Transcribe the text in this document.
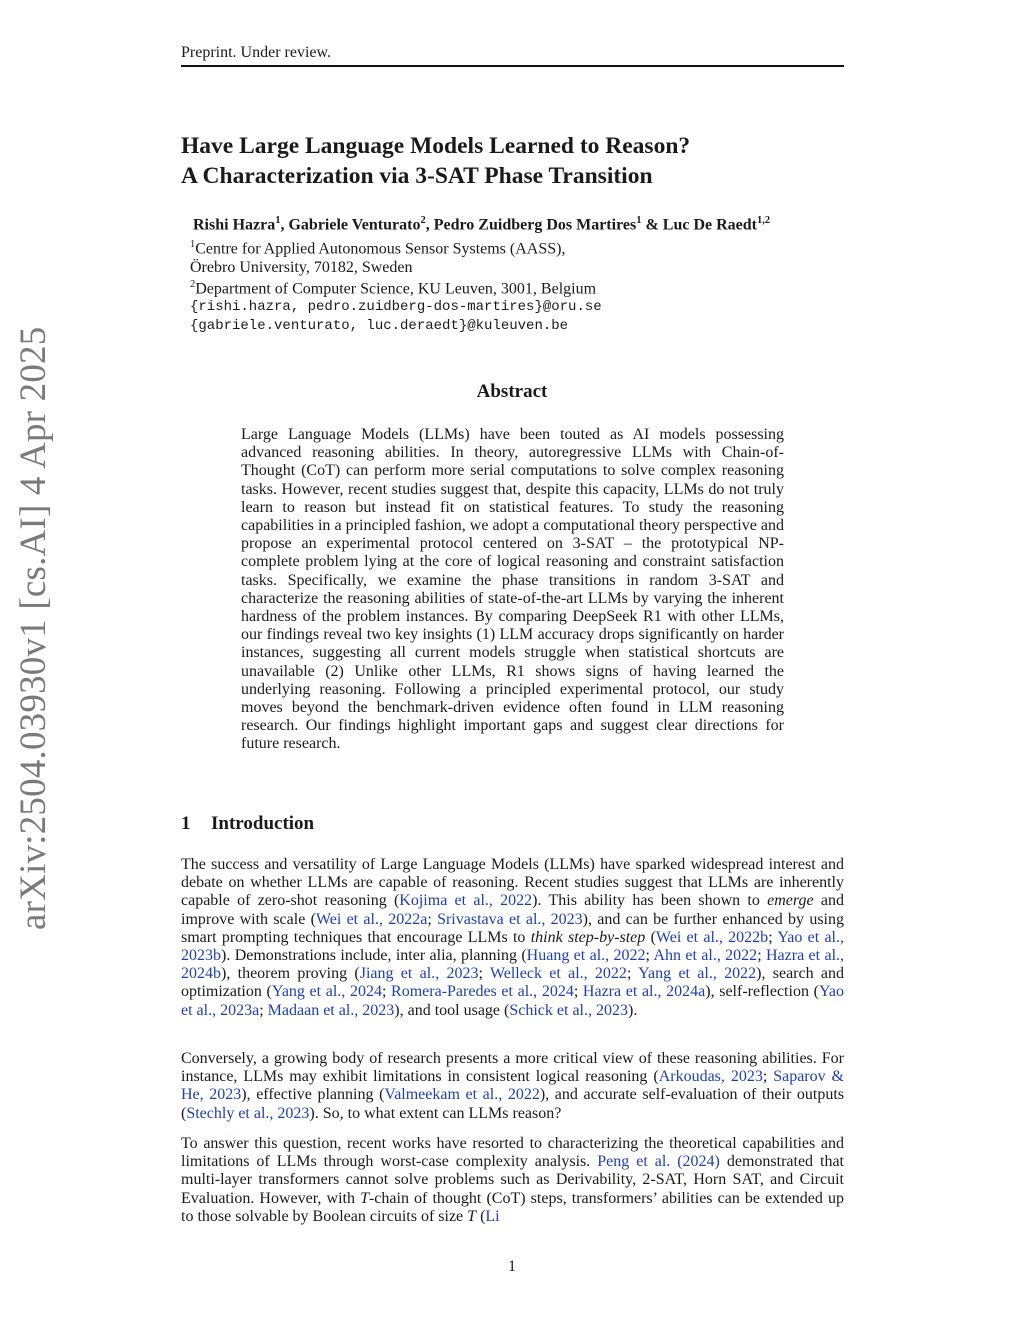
Preprint. Under review.
arXiv:2504.03930v1 [cs.AI] 4 Apr 2025
Have Large Language Models Learned to Reason?
A Characterization via 3-SAT Phase Transition
Rishi Hazra$^1$, Gabriele Venturato$^2$, Pedro Zuidberg Dos Martires$^1$ & Luc De Raedt$^{1,2}$
$^1$Centre for Applied Autonomous Sensor Systems (AASS),
Örebro University, 70182, Sweden
$^2$Department of Computer Science, KU Leuven, 3001, Belgium
{rishi.hazra, pedro.zuidberg-dos-martires}@oru.se
{gabriele.venturato, luc.deraedt}@kuleuven.be
Abstract
Large Language Models (LLMs) have been touted as AI models possessing advanced reasoning abilities. In theory, autoregressive LLMs with Chain-of-Thought (CoT) can perform more serial computations to solve complex reasoning tasks. However, recent studies suggest that, despite this capacity, LLMs do not truly learn to reason but instead fit on statistical features. To study the reasoning capabilities in a principled fashion, we adopt a computational theory perspective and propose an experimental protocol centered on 3-SAT – the prototypical NP-complete problem lying at the core of logical reasoning and constraint satisfaction tasks. Specifically, we examine the phase transitions in random 3-SAT and characterize the reasoning abilities of state-of-the-art LLMs by varying the inherent hardness of the problem instances. By comparing DeepSeek R1 with other LLMs, our findings reveal two key insights (1) LLM accuracy drops significantly on harder instances, suggesting all current models struggle when statistical shortcuts are unavailable (2) Unlike other LLMs, R1 shows signs of having learned the underlying reasoning. Following a principled experimental protocol, our study moves beyond the benchmark-driven evidence often found in LLM reasoning research. Our findings highlight important gaps and suggest clear directions for future research.
1 Introduction
The success and versatility of Large Language Models (LLMs) have sparked widespread interest and debate on whether LLMs are capable of reasoning. Recent studies suggest that LLMs are inherently capable of zero-shot reasoning (Kojima et al., 2022). This ability has been shown to emerge and improve with scale (Wei et al., 2022a; Srivastava et al., 2023), and can be further enhanced by using smart prompting techniques that encourage LLMs to think step-by-step (Wei et al., 2022b; Yao et al., 2023b). Demonstrations include, inter alia, planning (Huang et al., 2022; Ahn et al., 2022; Hazra et al., 2024b), theorem proving (Jiang et al., 2023; Welleck et al., 2022; Yang et al., 2022), search and optimization (Yang et al., 2024; Romera-Paredes et al., 2024; Hazra et al., 2024a), self-reflection (Yao et al., 2023a; Madaan et al., 2023), and tool usage (Schick et al., 2023).
Conversely, a growing body of research presents a more critical view of these reasoning abilities. For instance, LLMs may exhibit limitations in consistent logical reasoning (Arkoudas, 2023; Saparov & He, 2023), effective planning (Valmeekam et al., 2022), and accurate self-evaluation of their outputs (Stechly et al., 2023). So, to what extent can LLMs reason?
To answer this question, recent works have resorted to characterizing the theoretical capabilities and limitations of LLMs through worst-case complexity analysis. Peng et al. (2024) demonstrated that multi-layer transformers cannot solve problems such as Derivability, 2-SAT, Horn SAT, and Circuit Evaluation. However, with T-chain of thought (CoT) steps, transformers’ abilities can be extended up to those solvable by Boolean circuits of size T (Li
1
